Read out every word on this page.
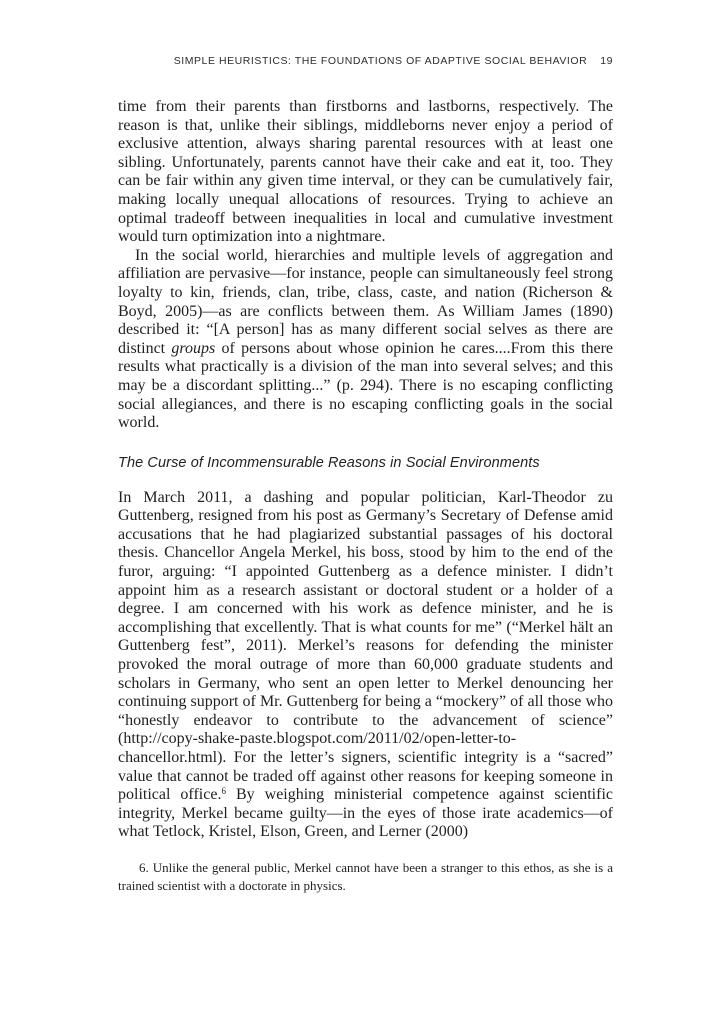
SIMPLE HEURISTICS: THE FOUNDATIONS OF ADAPTIVE SOCIAL BEHAVIOR 19

time from their parents than firstborns and lastborns, respectively. The reason is that, unlike their siblings, middleborns never enjoy a period of exclusive attention, always sharing parental resources with at least one sibling. Unfortunately, parents cannot have their cake and eat it, too. They can be fair within any given time interval, or they can be cumulatively fair, making locally unequal allocations of resources. Trying to achieve an optimal tradeoff between inequalities in local and cumulative investment would turn optimization into a nightmare.

In the social world, hierarchies and multiple levels of aggregation and affiliation are pervasive—for instance, people can simultaneously feel strong loyalty to kin, friends, clan, tribe, class, caste, and nation (Richerson & Boyd, 2005)—as are conflicts between them. As William James (1890) described it: “[A person] has as many different social selves as there are distinct groups of persons about whose opinion he cares....From this there results what practically is a division of the man into several selves; and this may be a discordant splitting...” (p. 294). There is no escaping conflicting social allegiances, and there is no escaping conflicting goals in the social world.

The Curse of Incommensurable Reasons in Social Environments

In March 2011, a dashing and popular politician, Karl-Theodor zu Guttenberg, resigned from his post as Germany’s Secretary of Defense amid accusations that he had plagiarized substantial passages of his doctoral thesis. Chancellor Angela Merkel, his boss, stood by him to the end of the furor, arguing: “I appointed Guttenberg as a defence minister. I didn’t appoint him as a research assistant or doctoral student or a holder of a degree. I am concerned with his work as defence minister, and he is accomplishing that excellently. That is what counts for me” (“Merkel hält an Guttenberg fest”, 2011). Merkel’s reasons for defending the minister provoked the moral outrage of more than 60,000 graduate students and scholars in Germany, who sent an open letter to Merkel denouncing her continuing support of Mr. Guttenberg for being a “mockery” of all those who “honestly endeavor to contribute to the advancement of science” (http://copy-shake-paste.blogspot.com/2011/02/open-letter-to-chancellor.html). For the letter’s signers, scientific integrity is a “sacred” value that cannot be traded off against other reasons for keeping someone in political office.$^6$ By weighing ministerial competence against scientific integrity, Merkel became guilty—in the eyes of those irate academics—of what Tetlock, Kristel, Elson, Green, and Lerner (2000)

6. Unlike the general public, Merkel cannot have been a stranger to this ethos, as she is a trained scientist with a doctorate in physics.
